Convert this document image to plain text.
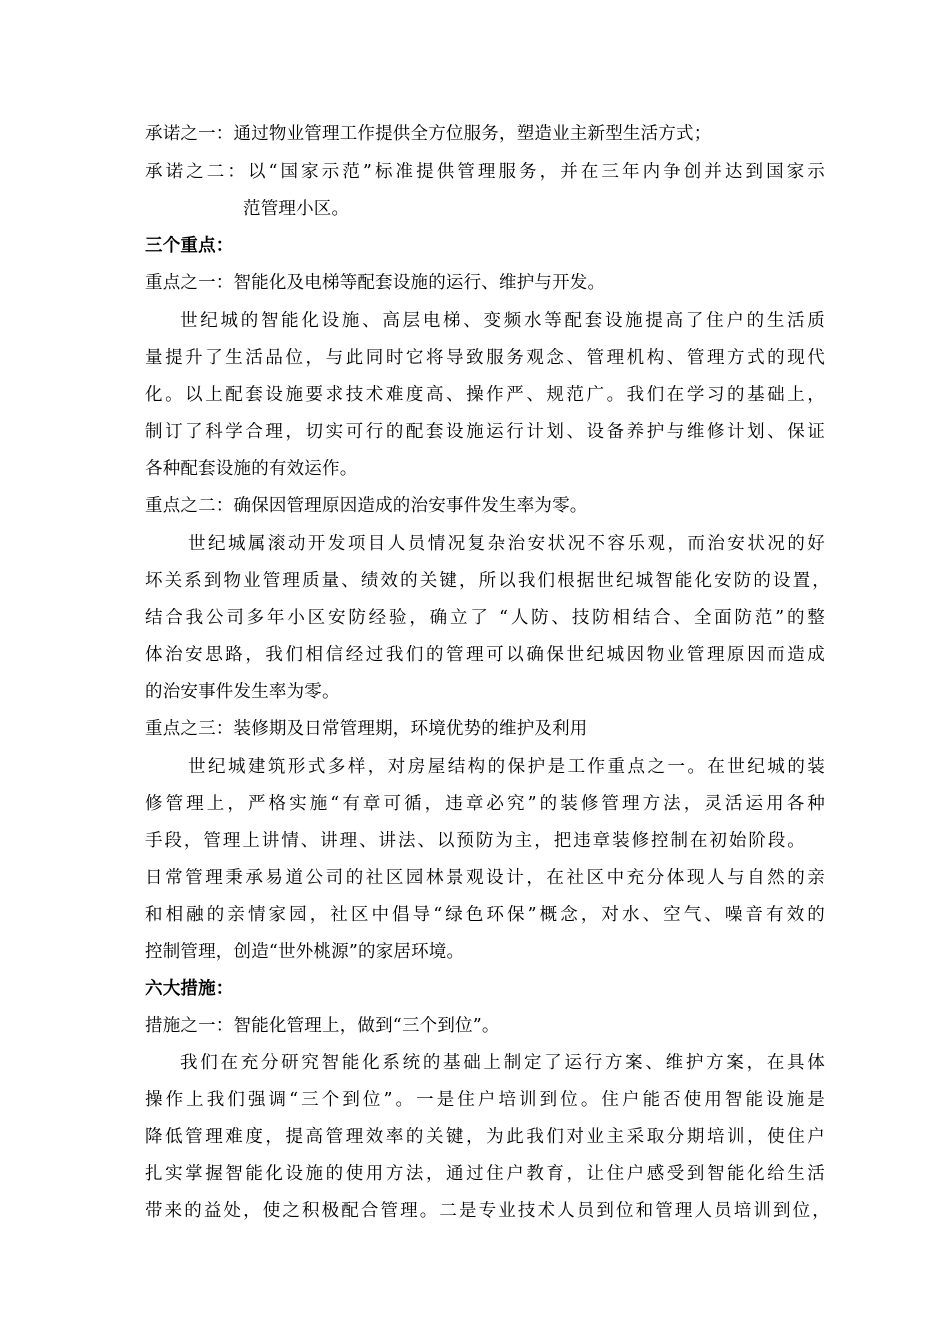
承诺之一：通过物业管理工作提供全方位服务，塑造业主新型生活方式；
承诺之二：以“国家示范”标准提供管理服务，并在三年内争创并达到国家示
范管理小区。
三个重点：
重点之一：智能化及电梯等配套设施的运行、维护与开发。
世纪城的智能化设施、高层电梯、变频水等配套设施提高了住户的生活质
量提升了生活品位，与此同时它将导致服务观念、管理机构、管理方式的现代
化。以上配套设施要求技术难度高、操作严、规范广。我们在学习的基础上，
制订了科学合理，切实可行的配套设施运行计划、设备养护与维修计划、保证
各种配套设施的有效运作。
重点之二：确保因管理原因造成的治安事件发生率为零。
世纪城属滚动开发项目人员情况复杂治安状况不容乐观，而治安状况的好
坏关系到物业管理质量、绩效的关键，所以我们根据世纪城智能化安防的设置，
结合我公司多年小区安防经验，确立了 “人防、技防相结合、全面防范”的整
体治安思路，我们相信经过我们的管理可以确保世纪城因物业管理原因而造成
的治安事件发生率为零。
重点之三：装修期及日常管理期，环境优势的维护及利用
世纪城建筑形式多样，对房屋结构的保护是工作重点之一。在世纪城的装
修管理上，严格实施“有章可循，违章必究”的装修管理方法，灵活运用各种
手段，管理上讲情、讲理、讲法、以预防为主，把违章装修控制在初始阶段。
日常管理秉承易道公司的社区园林景观设计，在社区中充分体现人与自然的亲
和相融的亲情家园，社区中倡导“绿色环保”概念，对水、空气、噪音有效的
控制管理，创造“世外桃源”的家居环境。
六大措施：
措施之一：智能化管理上，做到“三个到位”。
我们在充分研究智能化系统的基础上制定了运行方案、维护方案，在具体
操作上我们强调“三个到位”。一是住户培训到位。住户能否使用智能设施是
降低管理难度，提高管理效率的关键，为此我们对业主采取分期培训，使住户
扎实掌握智能化设施的使用方法，通过住户教育，让住户感受到智能化给生活
带来的益处，使之积极配合管理。二是专业技术人员到位和管理人员培训到位，
